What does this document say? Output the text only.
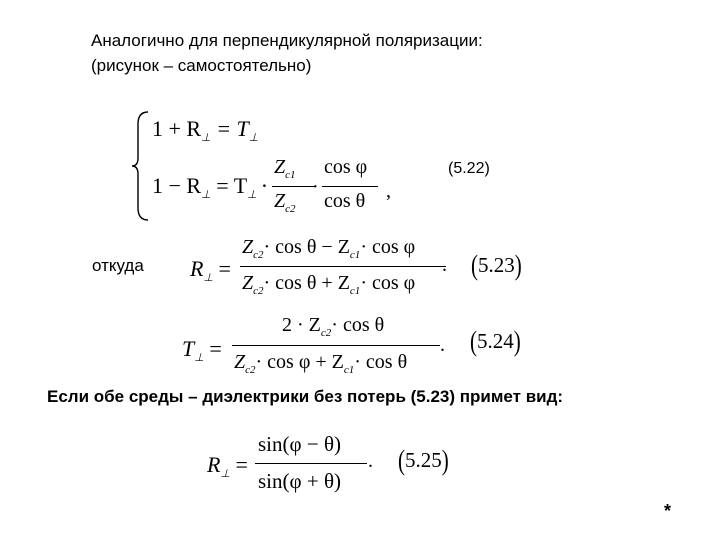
Аналогично для перпендикулярной поляризации:
(рисунок – самостоятельно)
$1 + R_\perp = T_\perp$
$1 - R_\perp = T_\perp$ ·
$Z_{c1}$
$Z_{c2}$
·
cos φ
cos θ ,
(5.22)
откуда $R_\perp$ =
$Z_{c2}\cdot \cos \theta - Z_{c1}\cdot \cos \varphi$
$Z_{c2}\cdot \cos \theta + Z_{c1}\cdot \cos \varphi$
. (5.23)
$T_\perp$ =
$2 \cdot Z_{c2}\cdot \cos \theta$
$Z_{c2}\cdot \cos \varphi + Z_{c1}\cdot \cos \theta$
. (5.24)
Если обе среды – диэлектрики без потерь (5.23) примет вид:
$R_\perp$ =
sin(φ − θ)
sin(φ + θ)
. (5.25)
*
